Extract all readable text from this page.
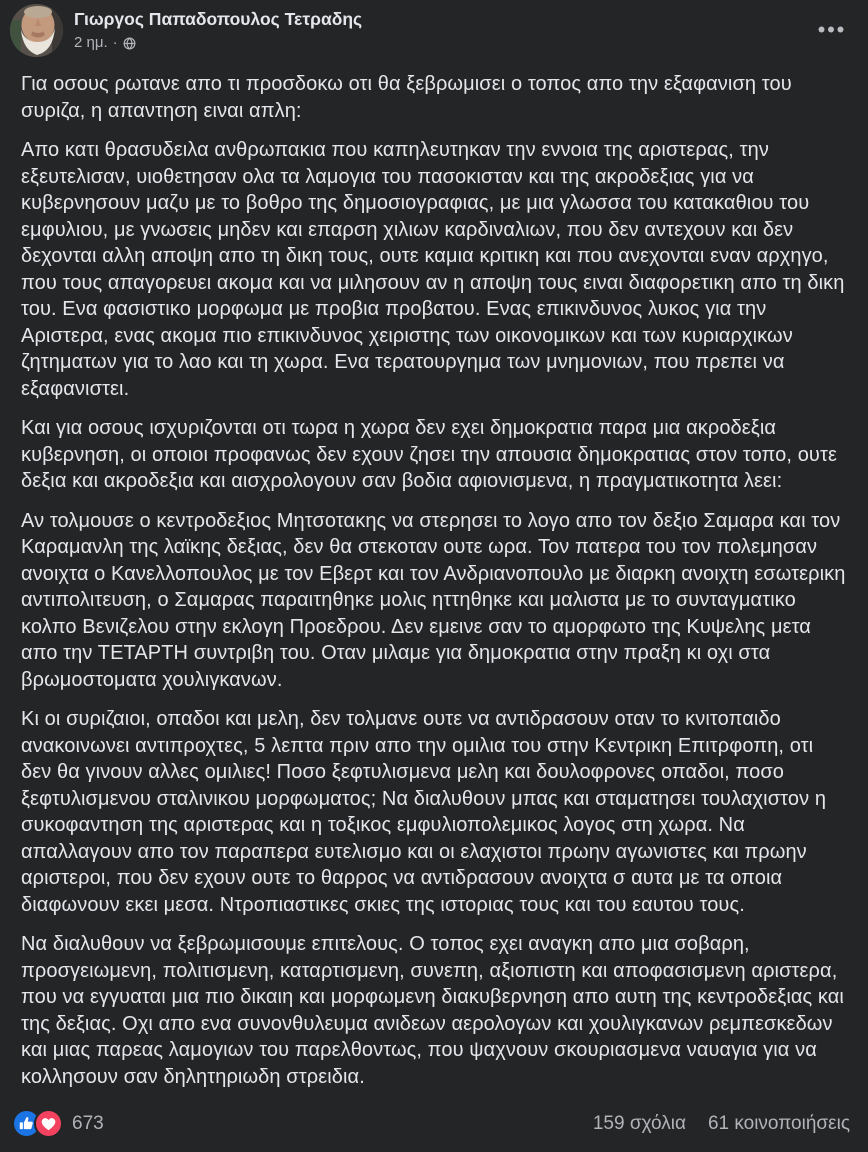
Γιωργος Παπαδοπουλος Τετραδης
2 ημ. ·

Για οσους ρωτανε απο τι προσδοκω οτι θα ξεβρωμισει ο τοπος απο την εξαφανιση του συριζα, η απαντηση ειναι απλη:

Απο κατι θρασυδειλα ανθρωπακια που καπηλευτηκαν την εννοια της αριστερας, την εξευτελισαν, υιοθετησαν ολα τα λαμογια του πασοκισταν και της ακροδεξιας για να κυβερνησουν μαζυ με το βοθρο της δημοσιογραφιας, με μια γλωσσα του κατακαθιου του εμφυλιου, με γνωσεις μηδεν και επαρση χιλιων καρδιναλιων, που δεν αντεχουν και δεν δεχονται αλλη αποψη απο τη δικη τους, ουτε καμια κριτικη και που ανεχονται εναν αρχηγο, που τους απαγορευει ακομα και να μιλησουν αν η αποψη τους ειναι διαφορετικη απο τη δικη του. Ενα φασιστικο μορφωμα με προβια προβατου. Ενας επικινδυνος λυκος για την Αριστερα, ενας ακομα πιο επικινδυνος χειριστης των οικονομικων και των κυριαρχικων ζητηματων για το λαο και τη χωρα. Ενα τερατουργημα των μνημονιων, που πρεπει να εξαφανιστει.

Και για οσους ισχυριζονται οτι τωρα η χωρα δεν εχει δημοκρατια παρα μια ακροδεξια κυβερνηση, οι οποιοι προφανως δεν εχουν ζησει την απουσια δημοκρατιας στον τοπο, ουτε δεξια και ακροδεξια και αισχρολογουν σαν βοδια αφιονισμενα, η πραγματικοτητα λεει:

Αν τολμουσε ο κεντροδεξιος Μητσοτακης να στερησει το λογο απο τον δεξιο Σαμαρα και τον Καραμανλη της λαϊκης δεξιας, δεν θα στεκοταν ουτε ωρα. Τον πατερα του τον πολεμησαν ανοιχτα ο Κανελλοπουλος με τον Εβερτ και τον Ανδριανοπουλο με διαρκη ανοιχτη εσωτερικη αντιπολιτευση, ο Σαμαρας παραιτηθηκε μολις ηττηθηκε και μαλιστα με το συνταγματικο κολπο Βενιζελου στην εκλογη Προεδρου. Δεν εμεινε σαν το αμορφωτο της Κυψελης μετα απο την ΤΕΤΑΡΤΗ συντριβη του. Οταν μιλαμε για δημοκρατια στην πραξη κι οχι στα βρωμοστοματα χουλιγκανων.

Κι οι συριζαιοι, οπαδοι και μελη, δεν τολμανε ουτε να αντιδρασουν οταν το κνιτοπαιδο ανακοινωνει αντιπροχτες, 5 λεπτα πριν απο την ομιλια του στην Κεντρικη Επιτρφοπη, οτι δεν θα γινουν αλλες ομιλιες! Ποσο ξεφτυλισμενα μελη και δουλοφρονες οπαδοι, ποσο ξεφτυλισμενου σταλινικου μορφωματος; Να διαλυθουν μπας και σταματησει τουλαχιστον η συκοφαντηση της αριστερας και η τοξικος εμφυλιοπολεμικος λογος στη χωρα. Να απαλλαγουν απο τον παραπερα ευτελισμο και οι ελαχιστοι πρωην αγωνιστες και πρωην αριστεροι, που δεν εχουν ουτε το θαρρος να αντιδρασουν ανοιχτα σ αυτα με τα οποια διαφωνουν εκει μεσα. Ντροπιαστικες σκιες της ιστοριας τους και του εαυτου τους.

Να διαλυθουν να ξεβρωμισουμε επιτελους. Ο τοπος εχει αναγκη απο μια σοβαρη, προσγειωμενη, πολιτισμενη, καταρτισμενη, συνεπη, αξιοπιστη και αποφασισμενη αριστερα, που να εγγυαται μια πιο δικαιη και μορφωμενη διακυβερνηση απο αυτη της κεντροδεξιας και της δεξιας. Οχι απο ενα συνονθυλευμα ανιδεων αερολογων και χουλιγκανων ρεμπεσκεδων και μιας παρεας λαμογιων του παρελθοντως, που ψαχνουν σκουριασμενα ναυαγια για να κολλησουν σαν δηλητηριωδη στρειδια.

673	159 σχόλια 61 κοινοποιήσεις
